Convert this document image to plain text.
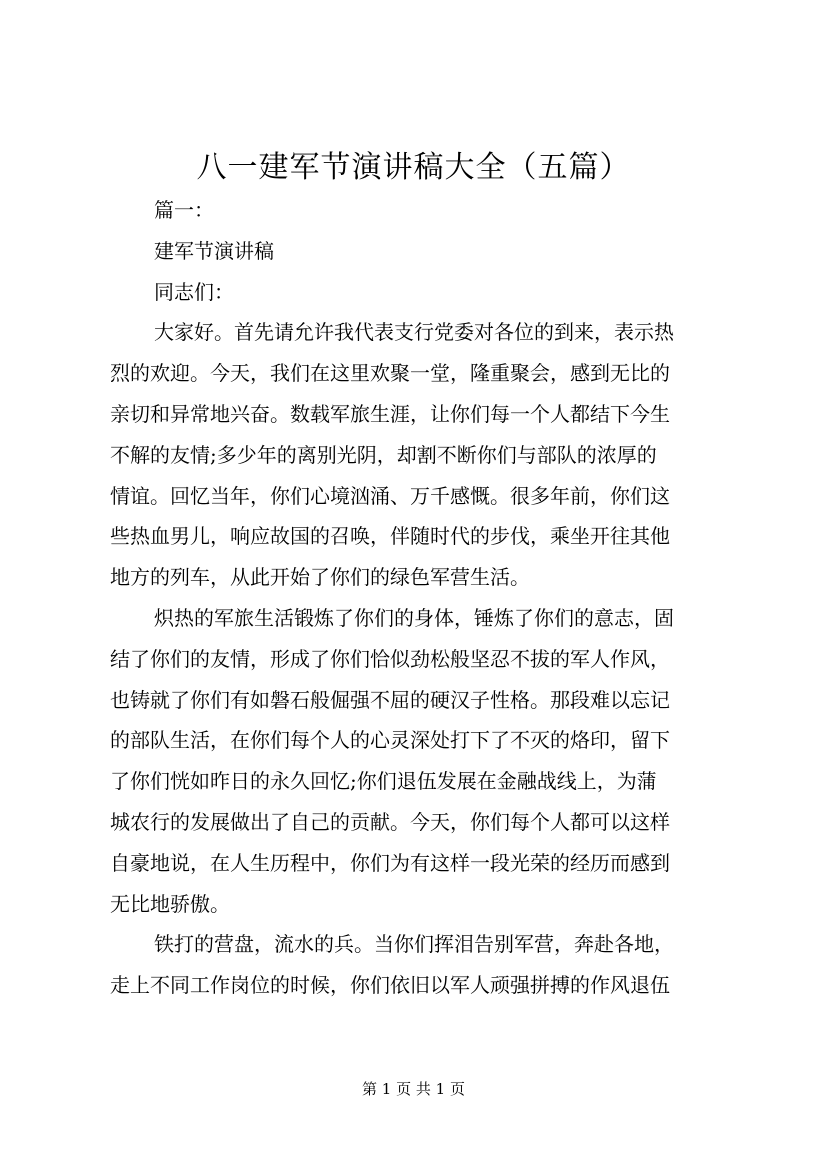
八一建军节演讲稿大全（五篇）
篇一：
建军节演讲稿
同志们：
大家好。首先请允许我代表支行党委对各位的到来，表示热
烈的欢迎。今天，我们在这里欢聚一堂，隆重聚会，感到无比的
亲切和异常地兴奋。数载军旅生涯，让你们每一个人都结下今生
不解的友情;多少年的离别光阴，却割不断你们与部队的浓厚的
情谊。回忆当年，你们心境汹涌、万千感慨。很多年前，你们这
些热血男儿，响应故国的召唤，伴随时代的步伐，乘坐开往其他
地方的列车，从此开始了你们的绿色军营生活。
炽热的军旅生活锻炼了你们的身体，锤炼了你们的意志，固
结了你们的友情，形成了你们恰似劲松般坚忍不拔的军人作风，
也铸就了你们有如磐石般倔强不屈的硬汉子性格。那段难以忘记
的部队生活，在你们每个人的心灵深处打下了不灭的烙印，留下
了你们恍如昨日的永久回忆;你们退伍发展在金融战线上，为蒲
城农行的发展做出了自己的贡献。今天，你们每个人都可以这样
自豪地说，在人生历程中，你们为有这样一段光荣的经历而感到
无比地骄傲。
铁打的营盘，流水的兵。当你们挥泪告别军营，奔赴各地，
走上不同工作岗位的时候，你们依旧以军人顽强拼搏的作风退伍
第 1 页 共 1 页
